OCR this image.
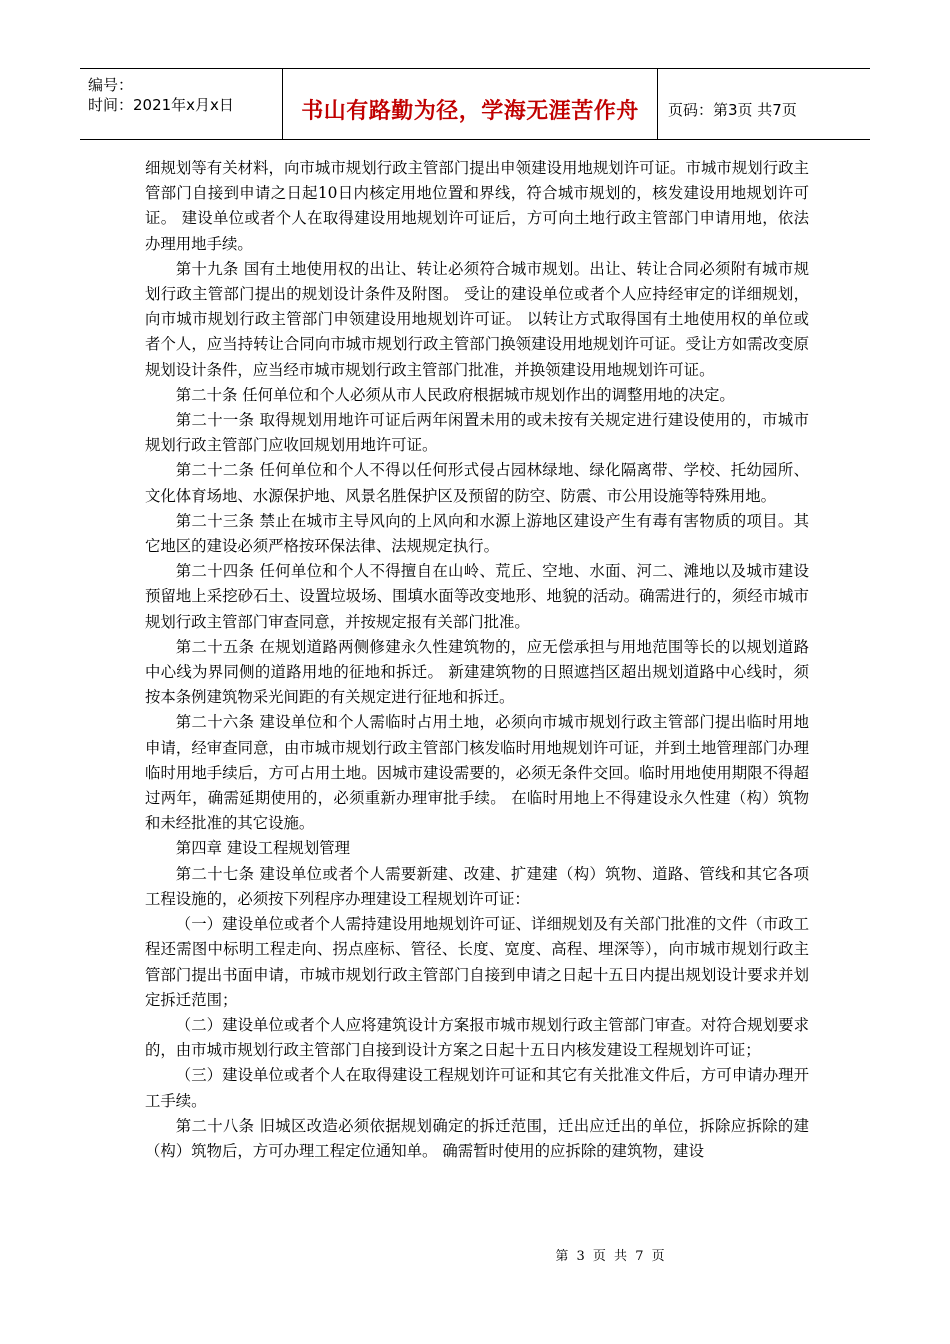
编号：
时间：2021年x月x日	书山有路勤为径，学海无涯苦作舟	页码：第3页 共7页

细规划等有关材料，向市城市规划行政主管部门提出申领建设用地规划许可证。市城市规划行政主管部门自接到申请之日起10日内核定用地位置和界线，符合城市规划的，核发建设用地规划许可证。 建设单位或者个人在取得建设用地规划许可证后，方可向土地行政主管部门申请用地，依法办理用地手续。

第十九条 国有土地使用权的出让、转让必须符合城市规划。出让、转让合同必须附有城市规划行政主管部门提出的规划设计条件及附图。 受让的建设单位或者个人应持经审定的详细规划，向市城市规划行政主管部门申领建设用地规划许可证。 以转让方式取得国有土地使用权的单位或者个人，应当持转让合同向市城市规划行政主管部门换领建设用地规划许可证。受让方如需改变原规划设计条件，应当经市城市规划行政主管部门批准，并换领建设用地规划许可证。

第二十条 任何单位和个人必须从市人民政府根据城市规划作出的调整用地的决定。

第二十一条 取得规划用地许可证后两年闲置未用的或未按有关规定进行建设使用的，市城市规划行政主管部门应收回规划用地许可证。

第二十二条 任何单位和个人不得以任何形式侵占园林绿地、绿化隔离带、学校、托幼园所、文化体育场地、水源保护地、风景名胜保护区及预留的防空、防震、市公用设施等特殊用地。

第二十三条 禁止在城市主导风向的上风向和水源上游地区建设产生有毒有害物质的项目。其它地区的建设必须严格按环保法律、法规规定执行。

第二十四条 任何单位和个人不得擅自在山岭、荒丘、空地、水面、河二、滩地以及城市建设预留地上采挖砂石土、设置垃圾场、围填水面等改变地形、地貌的活动。确需进行的，须经市城市规划行政主管部门审查同意，并按规定报有关部门批准。

第二十五条 在规划道路两侧修建永久性建筑物的，应无偿承担与用地范围等长的以规划道路中心线为界同侧的道路用地的征地和拆迁。 新建建筑物的日照遮挡区超出规划道路中心线时，须按本条例建筑物采光间距的有关规定进行征地和拆迁。

第二十六条 建设单位和个人需临时占用土地，必须向市城市规划行政主管部门提出临时用地申请，经审查同意，由市城市规划行政主管部门核发临时用地规划许可证，并到土地管理部门办理临时用地手续后，方可占用土地。因城市建设需要的，必须无条件交回。临时用地使用期限不得超过两年，确需延期使用的，必须重新办理审批手续。 在临时用地上不得建设永久性建（构）筑物和未经批准的其它设施。

第四章 建设工程规划管理

第二十七条 建设单位或者个人需要新建、改建、扩建建（构）筑物、道路、管线和其它各项工程设施的，必须按下列程序办理建设工程规划许可证：

（一）建设单位或者个人需持建设用地规划许可证、详细规划及有关部门批准的文件（市政工程还需图中标明工程走向、拐点座标、管径、长度、宽度、高程、埋深等），向市城市规划行政主管部门提出书面申请，市城市规划行政主管部门自接到申请之日起十五日内提出规划设计要求并划定拆迁范围；

（二）建设单位或者个人应将建筑设计方案报市城市规划行政主管部门审查。对符合规划要求的，由市城市规划行政主管部门自接到设计方案之日起十五日内核发建设工程规划许可证；

（三）建设单位或者个人在取得建设工程规划许可证和其它有关批准文件后，方可申请办理开工手续。

第二十八条 旧城区改造必须依据规划确定的拆迁范围，迁出应迁出的单位，拆除应拆除的建（构）筑物后，方可办理工程定位通知单。 确需暂时使用的应拆除的建筑物，建设

第 3 页 共 7 页
